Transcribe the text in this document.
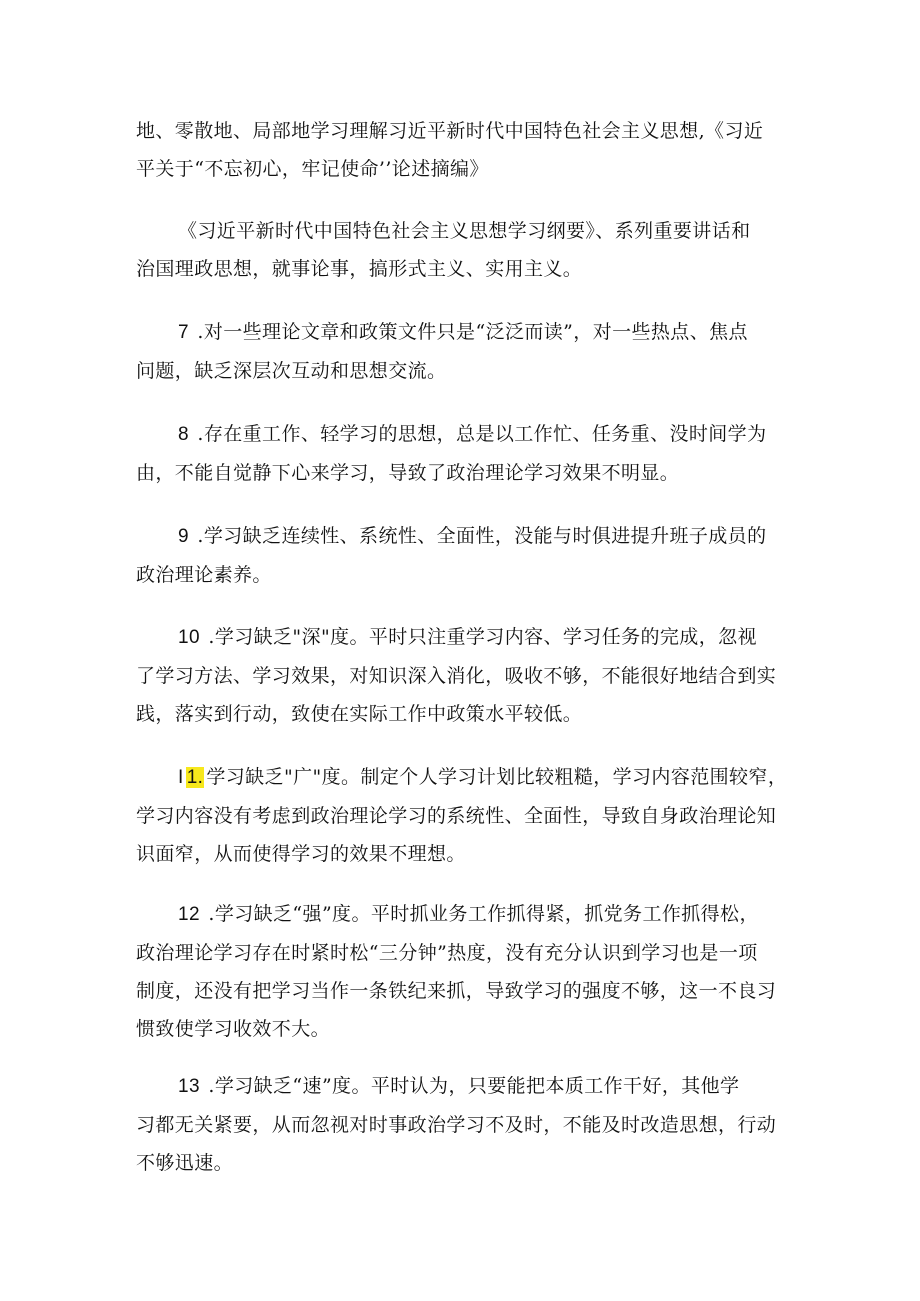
地、零散地、局部地学习理解习近平新时代中国特色社会主义思想,《习近
平关于“不忘初心，牢记使命’’论述摘编》

《习近平新时代中国特色社会主义思想学习纲要》、系列重要讲话和
治国理政思想，就事论事，搞形式主义、实用主义。

7 .对一些理论文章和政策文件只是“泛泛而读”，对一些热点、焦点
问题，缺乏深层次互动和思想交流。

8 .存在重工作、轻学习的思想，总是以工作忙、任务重、没时间学为
由，不能自觉静下心来学习，导致了政治理论学习效果不明显。

9 .学习缺乏连续性、系统性、全面性，没能与时俱进提升班子成员的
政治理论素养。

10 .学习缺乏"深"度。平时只注重学习内容、学习任务的完成，忽视
了学习方法、学习效果，对知识深入消化，吸收不够，不能很好地结合到实
践，落实到行动，致使在实际工作中政策水平较低。

I 1. 学习缺乏"广"度。制定个人学习计划比较粗糙，学习内容范围较窄，
学习内容没有考虑到政治理论学习的系统性、全面性，导致自身政治理论知
识面窄，从而使得学习的效果不理想。

12 .学习缺乏“强”度。平时抓业务工作抓得紧，抓党务工作抓得松，
政治理论学习存在时紧时松“三分钟”热度，没有充分认识到学习也是一项
制度，还没有把学习当作一条铁纪来抓，导致学习的强度不够，这一不良习
惯致使学习收效不大。

13 .学习缺乏“速”度。平时认为，只要能把本质工作干好，其他学
习都无关紧要，从而忽视对时事政治学习不及时，不能及时改造思想，行动
不够迅速。
